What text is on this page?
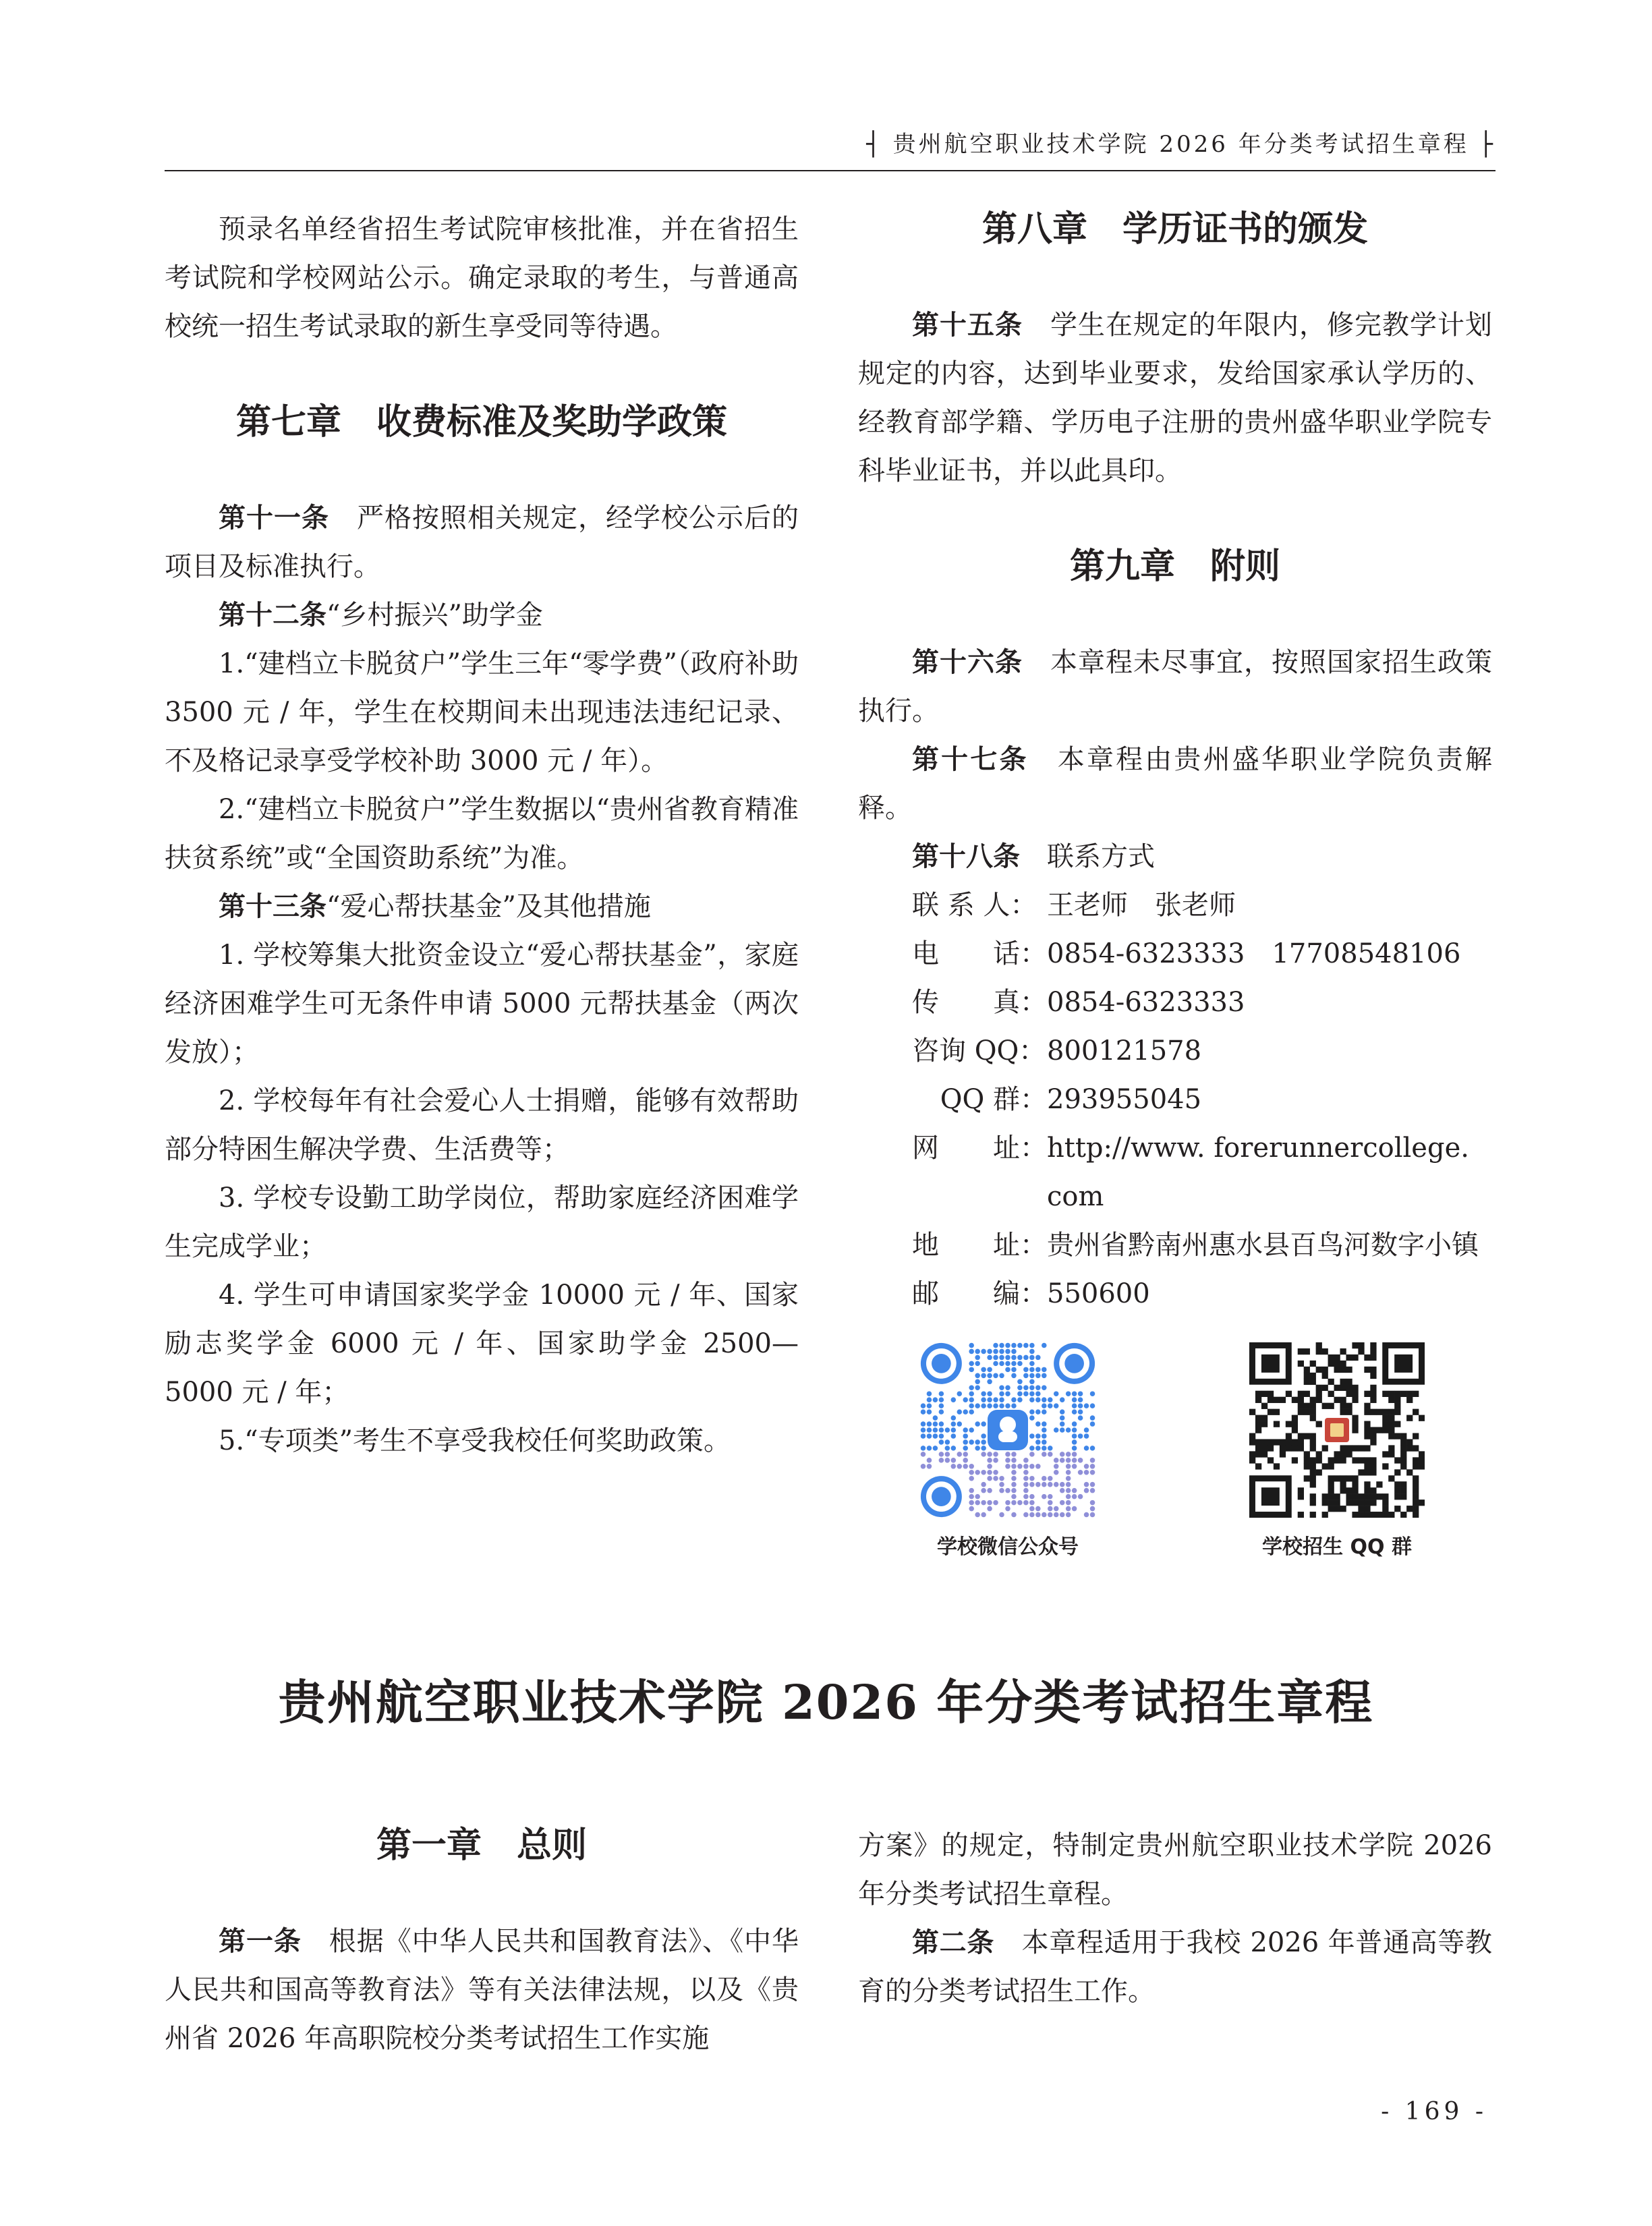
┤ 贵州航空职业技术学院 2026 年分类考试招生章程 ├

预录名单经省招生考试院审核批准，并在省招生考试院和学校网站公示。确定录取的考生，与普通高校统一招生考试录取的新生享受同等待遇。

第七章　收费标准及奖助学政策

第十一条　严格按照相关规定，经学校公示后的项目及标准执行。

第十二条“乡村振兴”助学金

1.“建档立卡脱贫户”学生三年“零学费”（政府补助 3500 元 / 年，学生在校期间未出现违法违纪记录、不及格记录享受学校补助 3000 元 / 年）。

2.“建档立卡脱贫户”学生数据以“贵州省教育精准扶贫系统”或“全国资助系统”为准。

第十三条“爱心帮扶基金”及其他措施

1. 学校筹集大批资金设立“爱心帮扶基金”，家庭经济困难学生可无条件申请 5000 元帮扶基金（两次发放）；

2. 学校每年有社会爱心人士捐赠，能够有效帮助部分特困生解决学费、生活费等；

3. 学校专设勤工助学岗位，帮助家庭经济困难学生完成学业；

4. 学生可申请国家奖学金 10000 元 / 年、国家励志奖学金 6000 元 / 年、国家助学金 2500—5000 元 / 年；

5.“专项类”考生不享受我校任何奖助政策。

第八章　学历证书的颁发

第十五条　学生在规定的年限内，修完教学计划规定的内容，达到毕业要求，发给国家承认学历的、经教育部学籍、学历电子注册的贵州盛华职业学院专科毕业证书，并以此具印。

第九章　附则

第十六条　本章程未尽事宜，按照国家招生政策执行。

第十七条　本章程由贵州盛华职业学院负责解释。

第十八条　联系方式

联 系 人： 王老师　张老师
电　　话： 0854-6323333　17708548106
传　　真： 0854-6323333
咨询 QQ： 800121578
QQ 群： 293955045
网　　址： http://www. forerunnercollege. com
地　　址： 贵州省黔南州惠水县百鸟河数字小镇
邮　　编： 550600
学校微信公众号	学校招生 QQ 群
贵州航空职业技术学院 2026 年分类考试招生章程
第一章　总则

第一条　根据《中华人民共和国教育法》、《中华人民共和国高等教育法》等有关法律法规，以及《贵州省 2026 年高职院校分类考试招生工作实施

方案》的规定，特制定贵州航空职业技术学院 2026 年分类考试招生章程。

第二条　本章程适用于我校 2026 年普通高等教育的分类考试招生工作。

- 169 -
